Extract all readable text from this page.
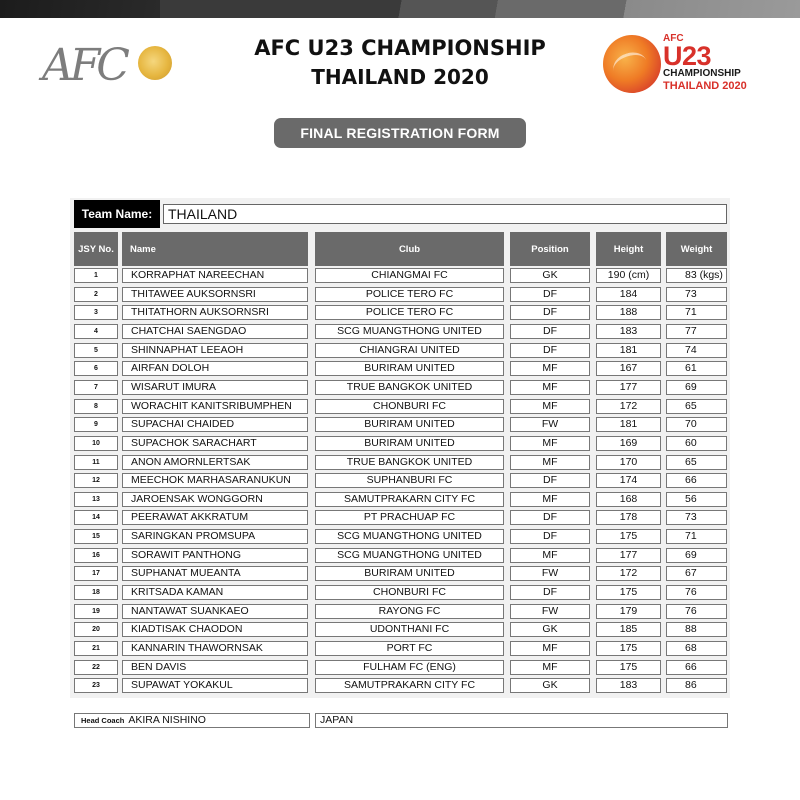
AFC	AFC U23 CHAMPIONSHIP
THAILAND 2020
AFC
U23
CHAMPIONSHIP
THAILAND 2020
FINAL REGISTRATION FORM
Team Name:	THAILAND
JSY No.	Name	Club	Position	Height	Weight
1	KORRAPHAT NAREECHAN	CHIANGMAI FC	GK	190 (cm)	83 (kgs)
2	THITAWEE AUKSORNSRI	POLICE TERO FC	DF	184	73
3	THITATHORN AUKSORNSRI	POLICE TERO FC	DF	188	71
4	CHATCHAI SAENGDAO	SCG MUANGTHONG UNITED	DF	183	77
5	SHINNAPHAT LEEAOH	CHIANGRAI UNITED	DF	181	74
6	AIRFAN DOLOH	BURIRAM UNITED	MF	167	61
7	WISARUT IMURA	TRUE BANGKOK UNITED	MF	177	69
8	WORACHIT KANITSRIBUMPHEN	CHONBURI FC	MF	172	65
9	SUPACHAI CHAIDED	BURIRAM UNITED	FW	181	70
10	SUPACHOK SARACHART	BURIRAM UNITED	MF	169	60
11	ANON AMORNLERTSAK	TRUE BANGKOK UNITED	MF	170	65
12	MEECHOK MARHASARANUKUN	SUPHANBURI FC	DF	174	66
13	JAROENSAK WONGGORN	SAMUTPRAKARN CITY FC	MF	168	56
14	PEERAWAT AKKRATUM	PT PRACHUAP FC	DF	178	73
15	SARINGKAN PROMSUPA	SCG MUANGTHONG UNITED	DF	175	71
16	SORAWIT PANTHONG	SCG MUANGTHONG UNITED	MF	177	69
17	SUPHANAT MUEANTA	BURIRAM UNITED	FW	172	67
18	KRITSADA KAMAN	CHONBURI FC	DF	175	76
19	NANTAWAT SUANKAEO	RAYONG FC	FW	179	76
20	KIADTISAK CHAODON	UDONTHANI FC	GK	185	88
21	KANNARIN THAWORNSAK	PORT FC	MF	175	68
22	BEN DAVIS	FULHAM FC (ENG)	MF	175	66
23	SUPAWAT YOKAKUL	SAMUTPRAKARN CITY FC	GK	183	86
Head Coach AKIRA NISHINO	JAPAN
